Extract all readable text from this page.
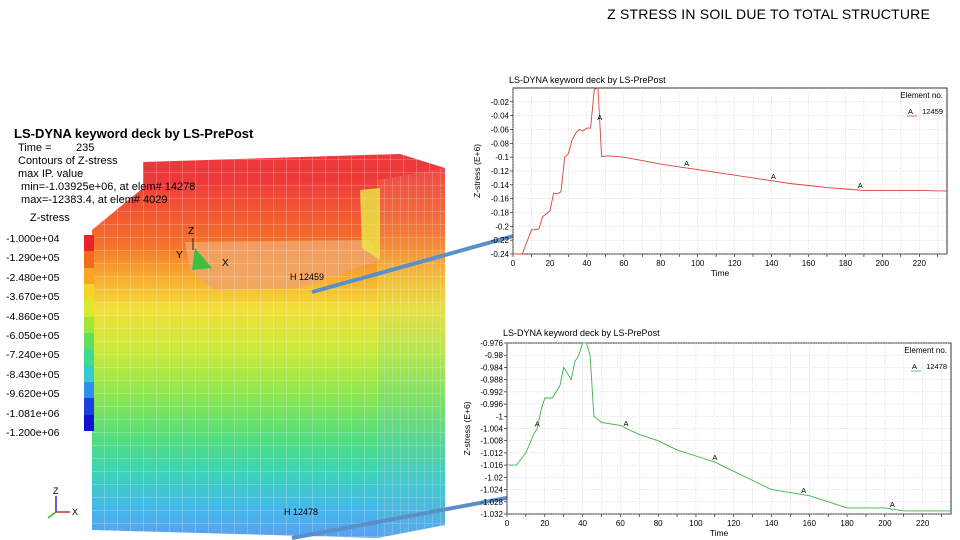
Z STRESS IN SOIL DUE TO TOTAL STRUCTURE
Z
Y
X
H 12459
H 12478
Z
X
LS-DYNA keyword deck by LS-PrePost
Time =        235
Contours of Z-stress
max IP. value
min=-1.03925e+06, at elem# 14278
max=-12383.4, at elem# 4029
Z-stress
-1.000e+04
-1.290e+05
-2.480e+05
-3.670e+05
-4.860e+05
-6.050e+05
-7.240e+05
-8.430e+05
-9.620e+05
-1.081e+06
-1.200e+06
LS-DYNA keyword deck by LS-PrePost
0	20	40	60	80	100	120	140	160	180	200	220
-0.02
-0.04
-0.06
-0.08
-0.1
-0.12
-0.14
-0.16
-0.18
-0.2
-0.22
-0.24
Time
Z-stress (E+6)
Element no.
A 12459
A
A
A
A
LS-DYNA keyword deck by LS-PrePost
0	20	40	60	80	100	120	140	160	180	200	220
-0.976
-0.98
-0.984
-0.988
-0.992
-0.996
-1
-1.004
-1.008
-1.012
-1.016
-1.02
-1.024
-1.028
-1.032
Time
Z-stress (E+6)
Element no.
A 12478
A	A
A
A
A
